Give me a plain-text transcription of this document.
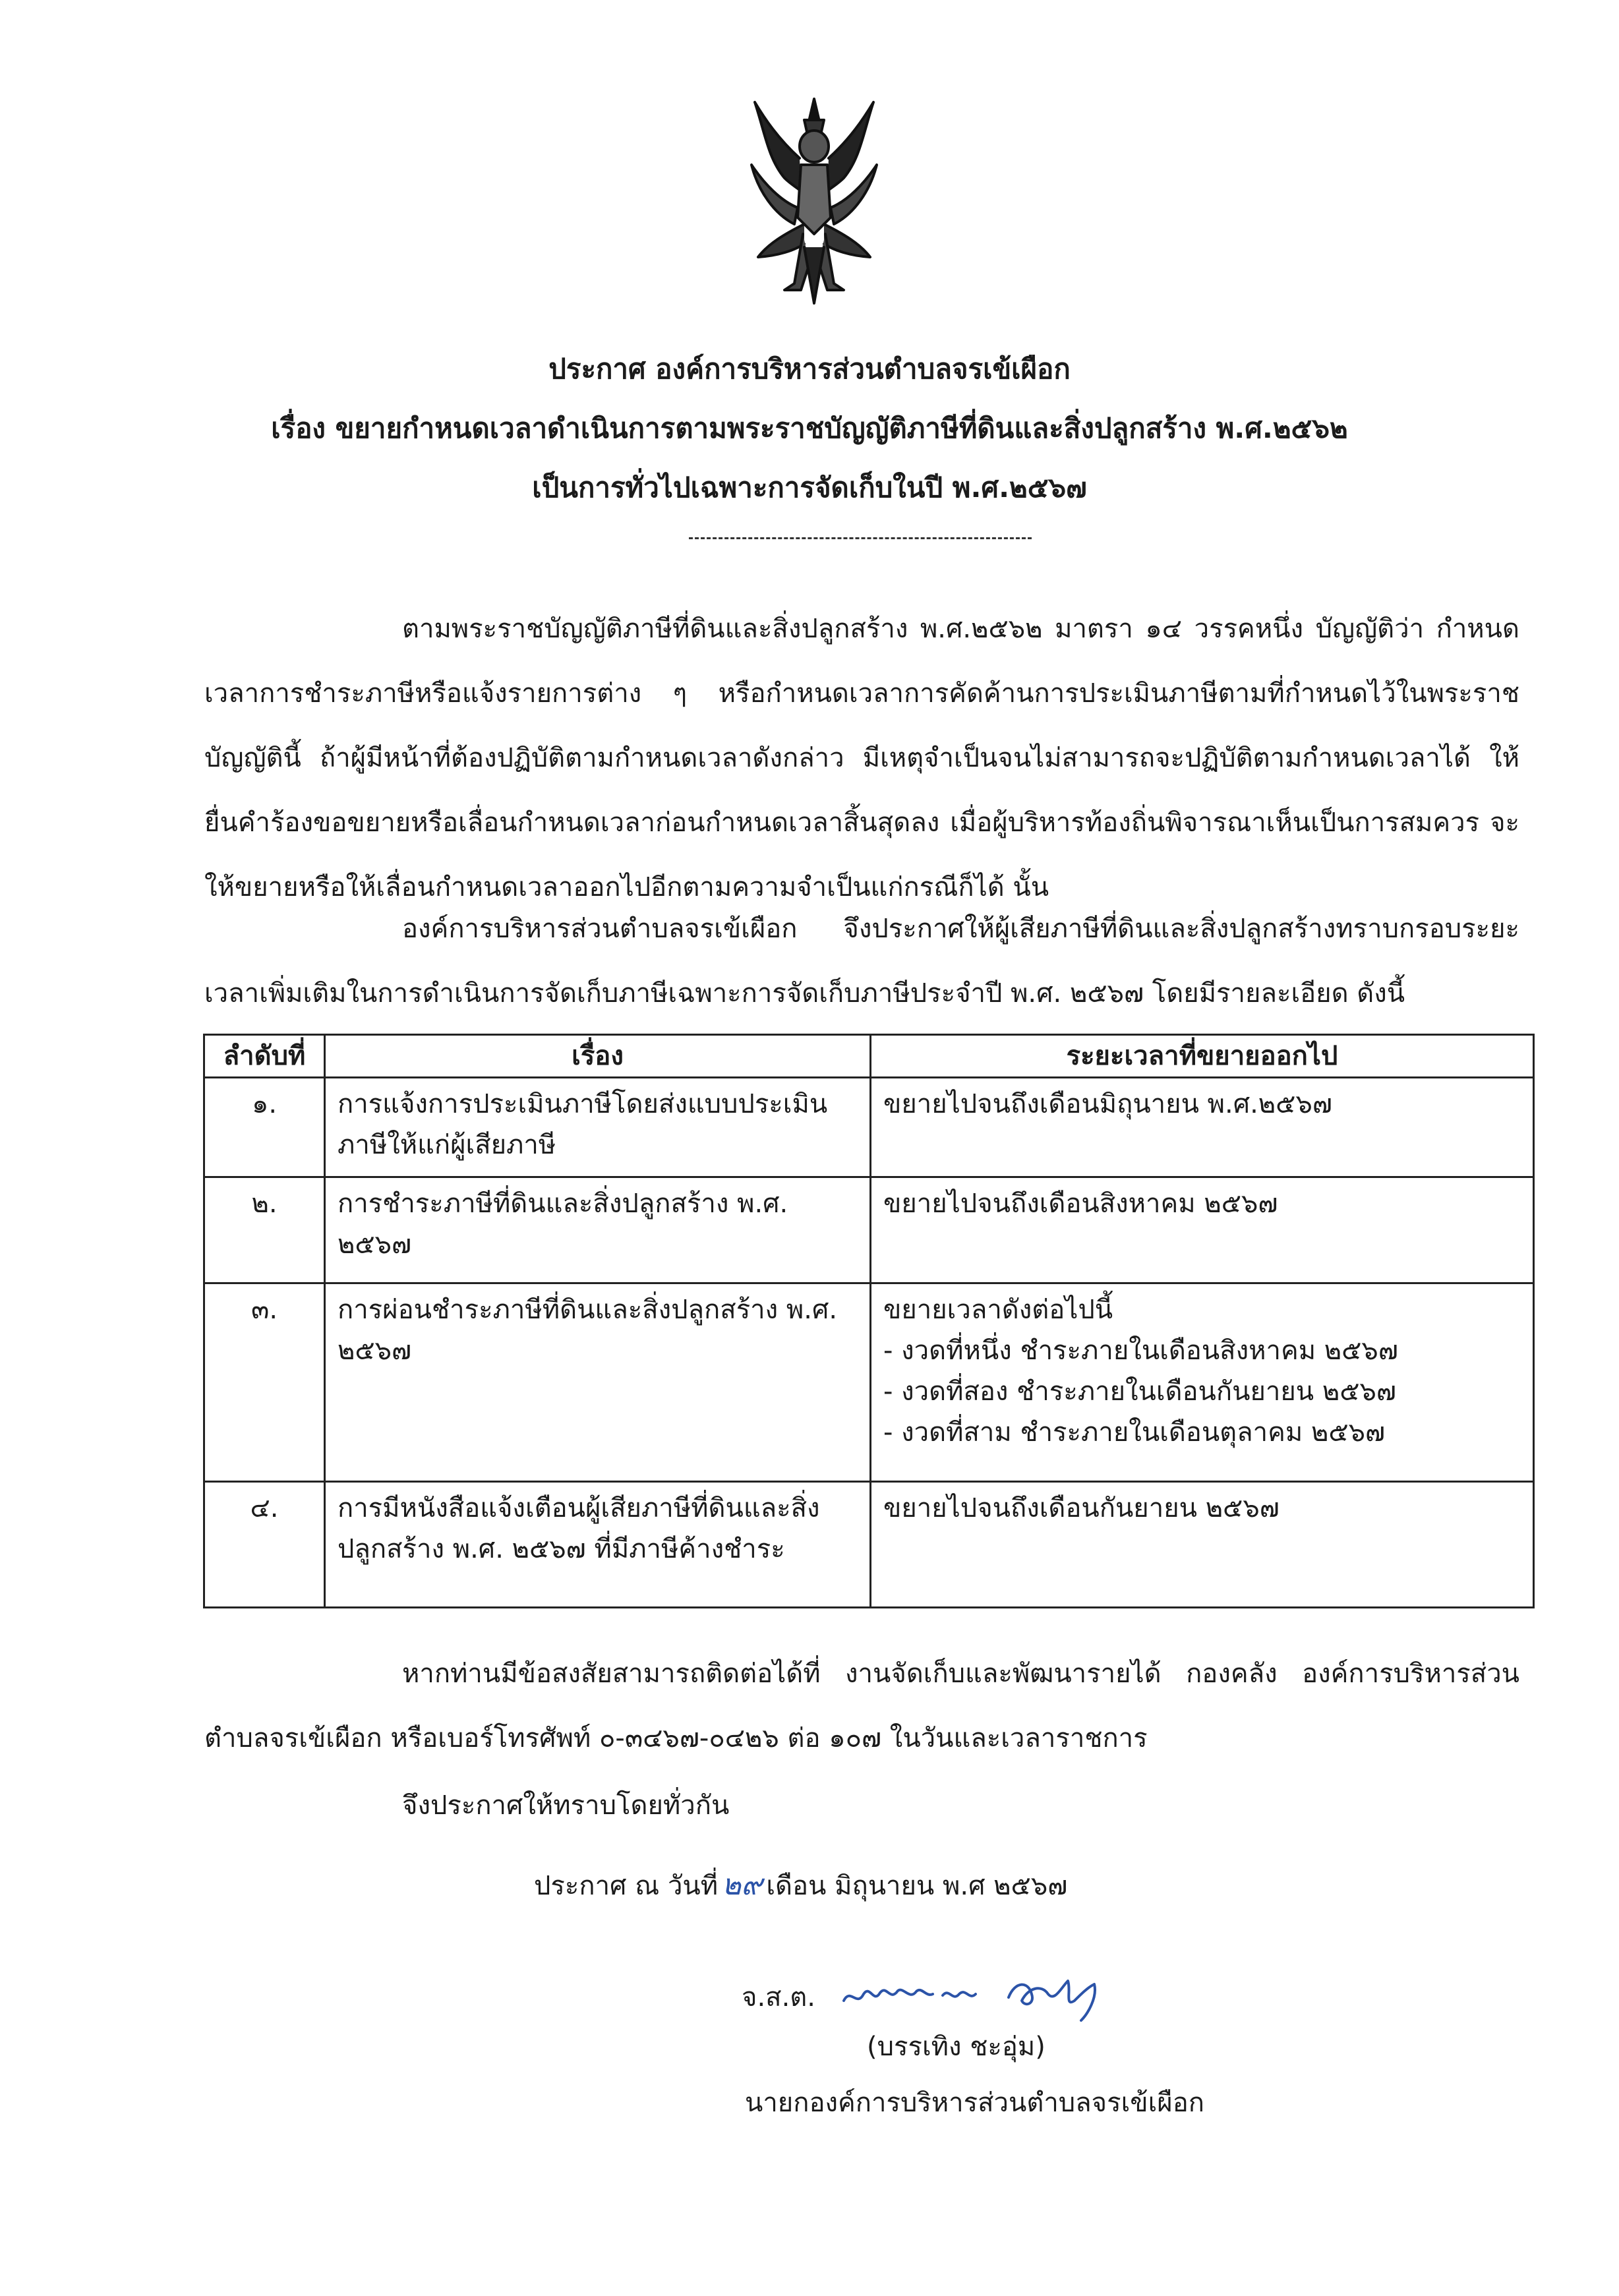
ประกาศ องค์การบริหารส่วนตำบลจรเข้เผือก
เรื่อง ขยายกำหนดเวลาดำเนินการตามพระราชบัญญัติภาษีที่ดินและสิ่งปลูกสร้าง พ.ศ.๒๕๖๒
เป็นการทั่วไปเฉพาะการจัดเก็บในปี พ.ศ.๒๕๖๗

ตามพระราชบัญญัติภาษีที่ดินและสิ่งปลูกสร้าง พ.ศ.๒๕๖๒ มาตรา ๑๔ วรรคหนึ่ง บัญญัติว่า กำหนดเวลาการชำระภาษีหรือแจ้งรายการต่าง ๆ หรือกำหนดเวลาการคัดค้านการประเมินภาษีตามที่กำหนดไว้ในพระราชบัญญัตินี้ ถ้าผู้มีหน้าที่ต้องปฏิบัติตามกำหนดเวลาดังกล่าว มีเหตุจำเป็นจนไม่สามารถจะปฏิบัติตามกำหนดเวลาได้ ให้ยื่นคำร้องขอขยายหรือเลื่อนกำหนดเวลาก่อนกำหนดเวลาสิ้นสุดลง เมื่อผู้บริหารท้องถิ่นพิจารณาเห็นเป็นการสมควร จะให้ขยายหรือให้เลื่อนกำหนดเวลาออกไปอีกตามความจำเป็นแก่กรณีก็ได้ นั้น

องค์การบริหารส่วนตำบลจรเข้เผือก จึงประกาศให้ผู้เสียภาษีที่ดินและสิ่งปลูกสร้างทราบกรอบระยะเวลาเพิ่มเติมในการดำเนินการจัดเก็บภาษีเฉพาะการจัดเก็บภาษีประจำปี พ.ศ. ๒๕๖๗ โดยมีรายละเอียด ดังนี้

ลำดับที่	เรื่อง	ระยะเวลาที่ขยายออกไป
๑.	การแจ้งการประเมินภาษีโดยส่งแบบประเมินภาษีให้แก่ผู้เสียภาษี	ขยายไปจนถึงเดือนมิถุนายน พ.ศ.๒๕๖๗

๒.	การชำระภาษีที่ดินและสิ่งปลูกสร้าง พ.ศ. ๒๕๖๗	ขยายไปจนถึงเดือนสิงหาคม ๒๕๖๗

๓.	การผ่อนชำระภาษีที่ดินและสิ่งปลูกสร้าง พ.ศ. ๒๕๖๗	ขยายเวลาดังต่อไปนี้
- งวดที่หนึ่ง ชำระภายในเดือนสิงหาคม ๒๕๖๗
- งวดที่สอง ชำระภายในเดือนกันยายน ๒๕๖๗
- งวดที่สาม ชำระภายในเดือนตุลาคม ๒๕๖๗

๔.	การมีหนังสือแจ้งเตือนผู้เสียภาษีที่ดินและสิ่งปลูกสร้าง พ.ศ. ๒๕๖๗ ที่มีภาษีค้างชำระ	ขยายไปจนถึงเดือนกันยายน ๒๕๖๗

หากท่านมีข้อสงสัยสามารถติดต่อได้ที่ งานจัดเก็บและพัฒนารายได้ กองคลัง องค์การบริหารส่วนตำบลจรเข้เผือก หรือเบอร์โทรศัพท์ ๐-๓๔๖๗-๐๔๒๖ ต่อ ๑๐๗ ในวันและเวลาราชการ

จึงประกาศให้ทราบโดยทั่วกัน

ประกาศ ณ วันที่ ๒๙ เดือน มิถุนายน พ.ศ ๒๕๖๗
จ.ส.ต.
(บรรเทิง ชะอุ่ม)
นายกองค์การบริหารส่วนตำบลจรเข้เผือก
